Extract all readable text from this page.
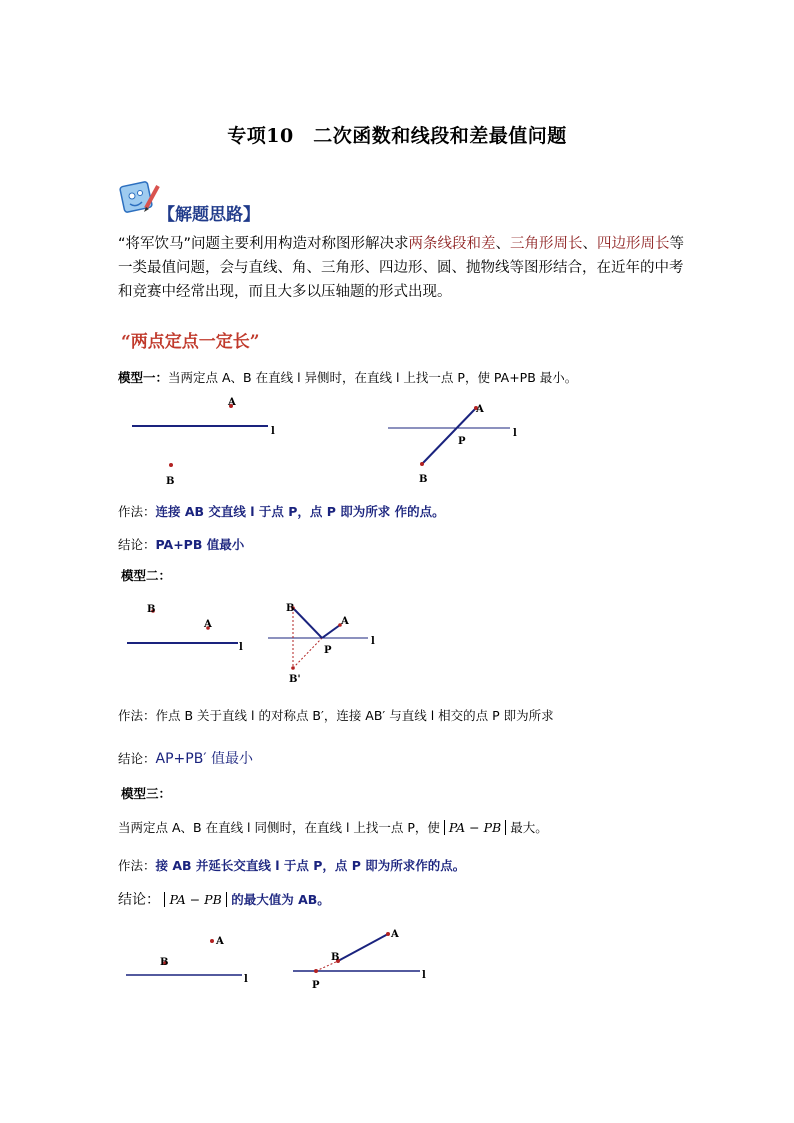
专项10　二次函数和线段和差最值问题
【解题思路】
“将军饮马”问题主要利用构造对称图形解决求两条线段和差、三角形周长、四边形周长等 一类最值问题，会与直线、角、三角形、四边形、圆、抛物线等图形结合，在近年的中考和竞赛中经常出现，而且大多以压轴题的形式出现。
“两点定点一定长”
模型一：当两定点 A、B 在直线 l 异侧时，在直线 l 上找一点 P，使 PA+PB 最小。
l
A
B
l
A
P
B
作法：连接 AB 交直线 l 于点 P，点 P 即为所求 作的点。
结论：PA+PB 值最小
模型二：
l
B
A
l
B
A
P
B'
作法：作点 B 关于直线 l 的对称点 B′，连接 AB′ 与直线 l 相交的点 P 即为所求
结论：AP+PB′ 值最小
模型三：
当两定点 A、B 在直线 l 同侧时，在直线 l 上找一点 P，使 PA − PB 最大。
作法：接 AB 并延长交直线 l 于点 P，点 P 即为所求作的点。
结论： PA − PB 的最大值为 AB。
l
A
B
l
A
B
P
